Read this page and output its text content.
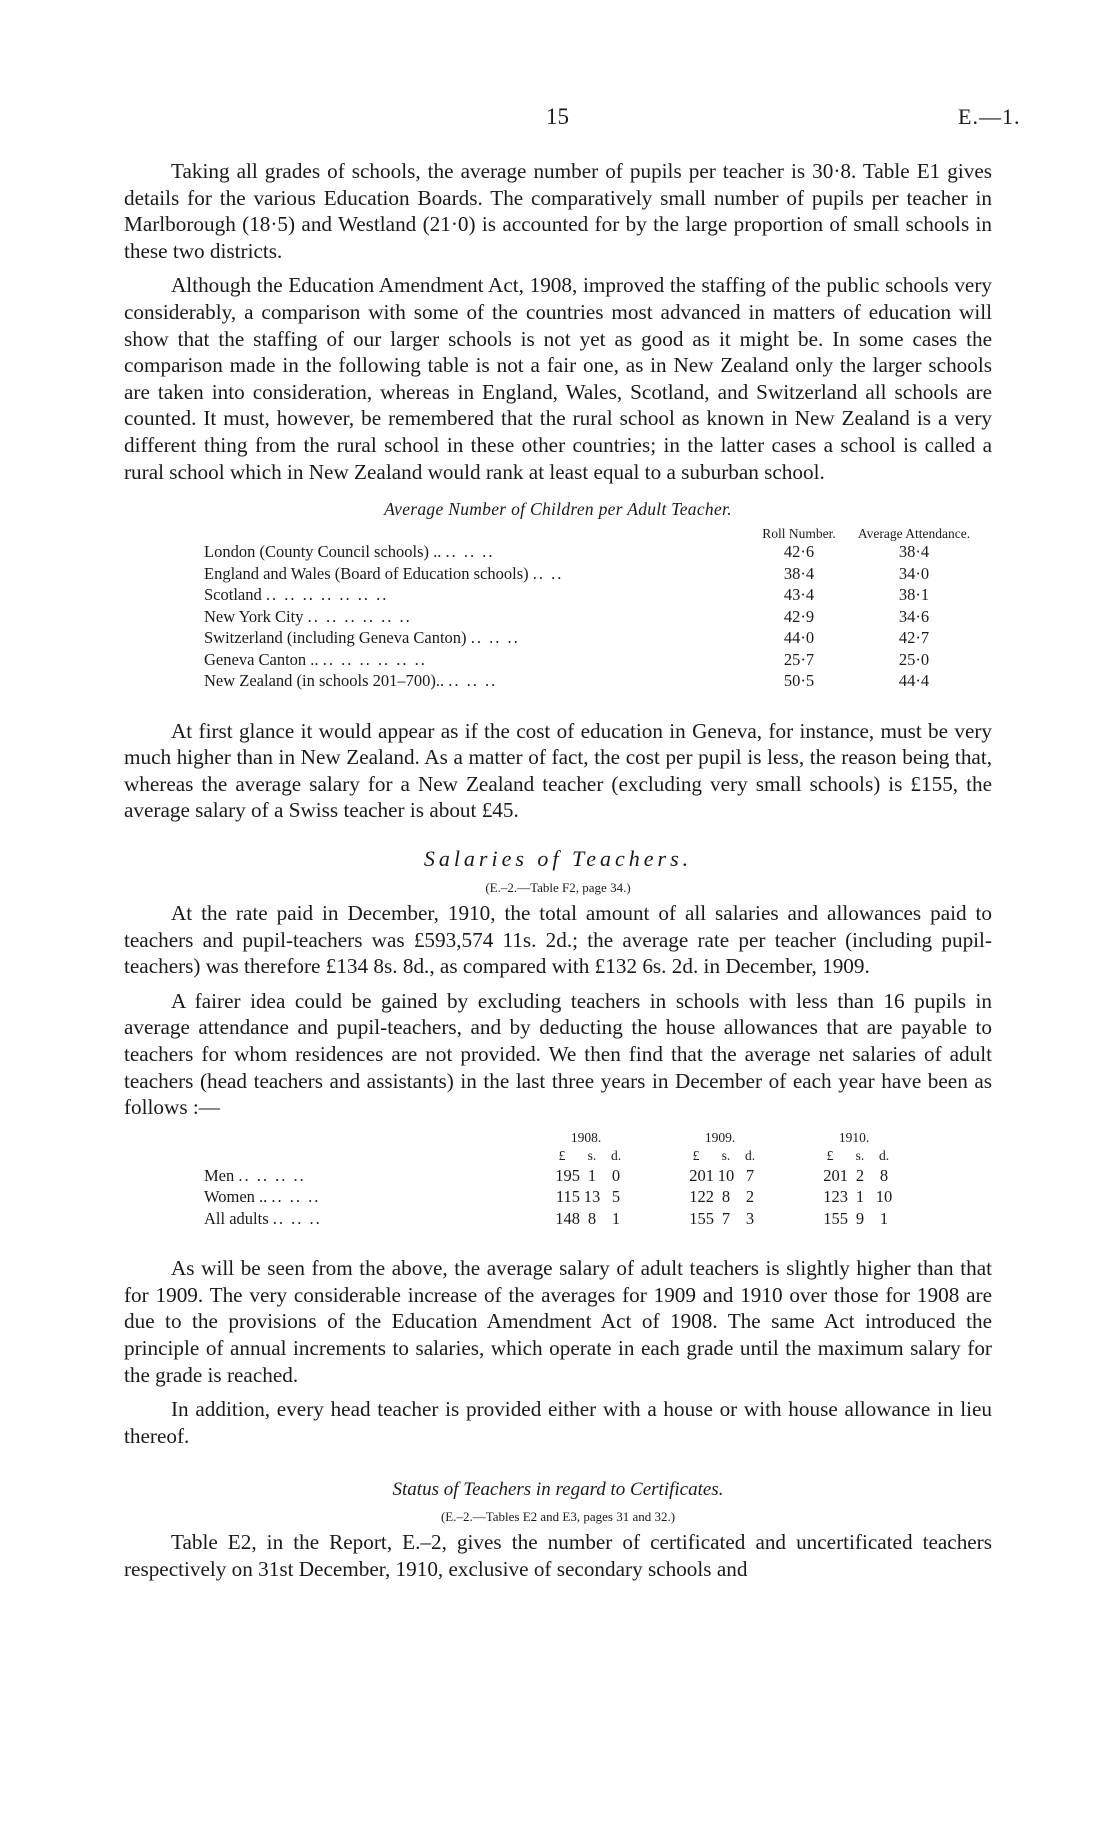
15	E.—1.

Taking all grades of schools, the average number of pupils per teacher is 30·8. Table E1 gives details for the various Education Boards. The comparatively small number of pupils per teacher in Marlborough (18·5) and Westland (21·0) is accounted for by the large proportion of small schools in these two districts.

Although the Education Amendment Act, 1908, improved the staffing of the public schools very considerably, a comparison with some of the countries most advanced in matters of education will show that the staffing of our larger schools is not yet as good as it might be. In some cases the comparison made in the following table is not a fair one, as in New Zealand only the larger schools are taken into consideration, whereas in England, Wales, Scotland, and Switzerland all schools are counted. It must, however, be remembered that the rural school as known in New Zealand is a very different thing from the rural school in these other countries; in the latter cases a school is called a rural school which in New Zealand would rank at least equal to a suburban school.

Average Number of Children per Adult Teacher.
	Roll Number.	Average Attendance.
London (County Council schools) .. .. .. ..	42·6	38·4
England and Wales (Board of Education schools) .. ..	38·4	34·0
Scotland .. .. .. .. .. .. ..	43·4	38·1
New York City .. .. .. .. .. ..	42·9	34·6
Switzerland (including Geneva Canton) .. .. ..	44·0	42·7
Geneva Canton .. .. .. .. .. .. ..	25·7	25·0
New Zealand (in schools 201–700).. .. .. ..	50·5	44·4

At first glance it would appear as if the cost of education in Geneva, for instance, must be very much higher than in New Zealand. As a matter of fact, the cost per pupil is less, the reason being that, whereas the average salary for a New Zealand teacher (excluding very small schools) is £155, the average salary of a Swiss teacher is about £45.

Salaries of Teachers.
(E.–2.—Table F2, page 34.)

At the rate paid in December, 1910, the total amount of all salaries and allowances paid to teachers and pupil-teachers was £593,574 11s. 2d.; the average rate per teacher (including pupil-teachers) was therefore £134 8s. 8d., as compared with £132 6s. 2d. in December, 1909.

A fairer idea could be gained by excluding teachers in schools with less than 16 pupils in average attendance and pupil-teachers, and by deducting the house allowances that are payable to teachers for whom residences are not provided. We then find that the average net salaries of adult teachers (head teachers and assistants) in the last three years in December of each year have been as follows :—

	1908.				1909.				1910.		
	£	s.	d.		£	s.	d.		£	s.	d.
Men .. .. .. ..	195	1	0		201	10	7		201	2	8
Women .. .. .. ..	115	13	5		122	8	2		123	1	10
All adults .. .. ..	148	8	1		155	7	3		155	9	1

As will be seen from the above, the average salary of adult teachers is slightly higher than that for 1909. The very considerable increase of the averages for 1909 and 1910 over those for 1908 are due to the provisions of the Education Amendment Act of 1908. The same Act introduced the principle of annual increments to salaries, which operate in each grade until the maximum salary for the grade is reached.

In addition, every head teacher is provided either with a house or with house allowance in lieu thereof.

Status of Teachers in regard to Certificates.
(E.–2.—Tables E2 and E3, pages 31 and 32.)

Table E2, in the Report, E.–2, gives the number of certificated and uncertificated teachers respectively on 31st December, 1910, exclusive of secondary schools and
